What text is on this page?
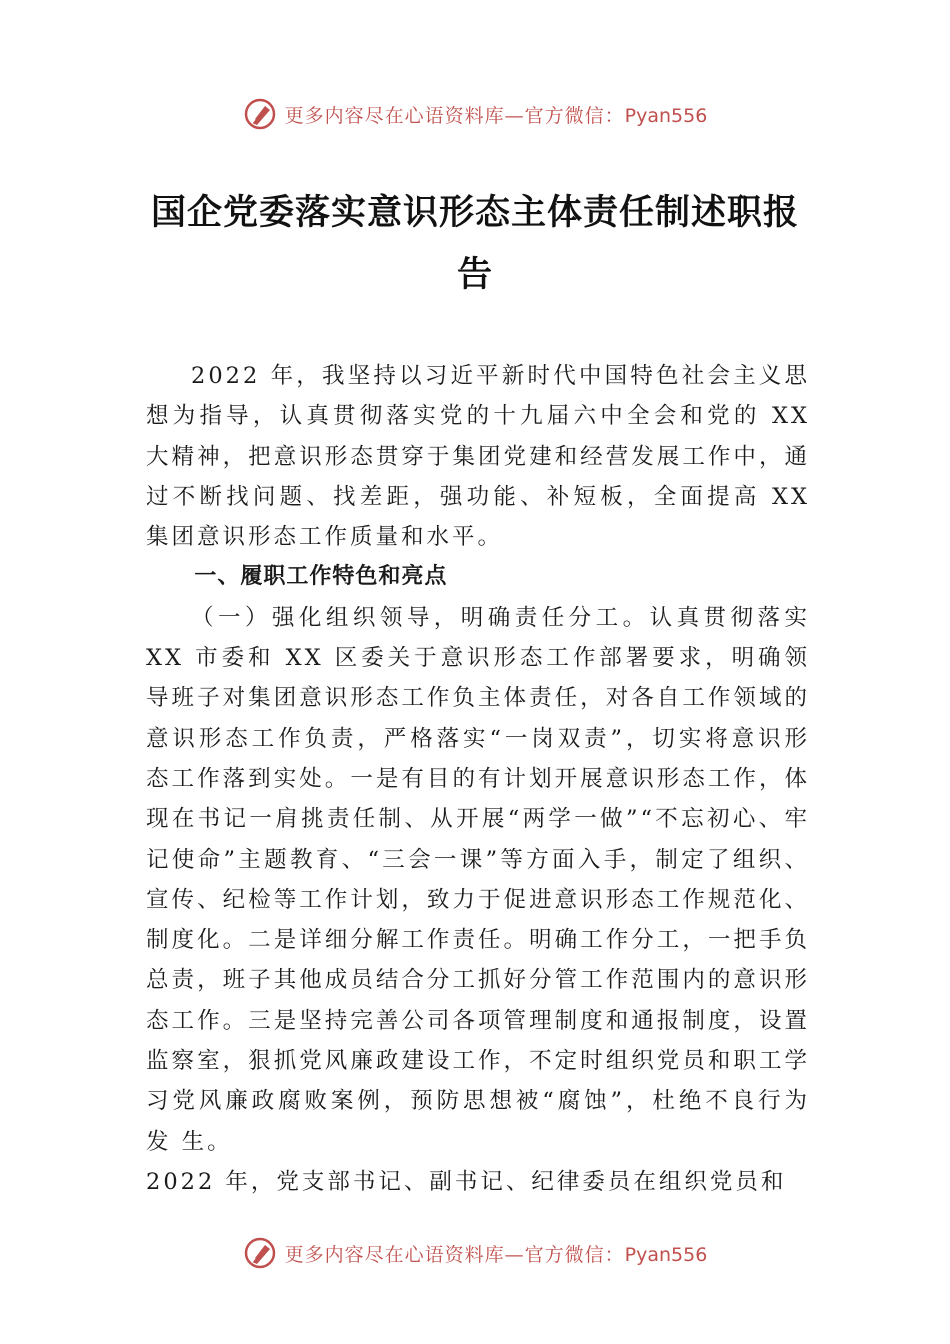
更多内容尽在心语资料库—官方微信：Pyan556
国企党委落实意识形态主体责任制述职报告

2022 年，我坚持以习近平新时代中国特色社会主义思想为指导，认真贯彻落实党的十九届六中全会和党的 XX 大精神，把意识形态贯穿于集团党建和经营发展工作中，通过不断找问题、找差距，强功能、补短板，全面提高 XX 集团意识形态工作质量和水平。

一、履职工作特色和亮点

（一）强化组织领导，明确责任分工。认真贯彻落实 XX 市委和 XX 区委关于意识形态工作部署要求，明确领导班子对集团意识形态工作负主体责任，对各自工作领域的意识形态工作负责，严格落实“一岗双责”，切实将意识形态工作落到实处。一是有目的有计划开展意识形态工作，体现在书记一肩挑责任制、从开展“两学一做”“不忘初心、牢记使命”主题教育、“三会一课”等方面入手，制定了组织、宣传、纪检等工作计划，致力于促进意识形态工作规范化、制度化。二是详细分解工作责任。明确工作分工，一把手负总责，班子其他成员结合分工抓好分管工作范围内的意识形态工作。三是坚持完善公司各项管理制度和通报制度，设置监察室，狠抓党风廉政建设工作，不定时组织党员和职工学习党风廉政腐败案例，预防思想被“腐蚀”，杜绝不良行为发 生。

2022 年，党支部书记、副书记、纪律委员在组织党员和
更多内容尽在心语资料库—官方微信：Pyan556
